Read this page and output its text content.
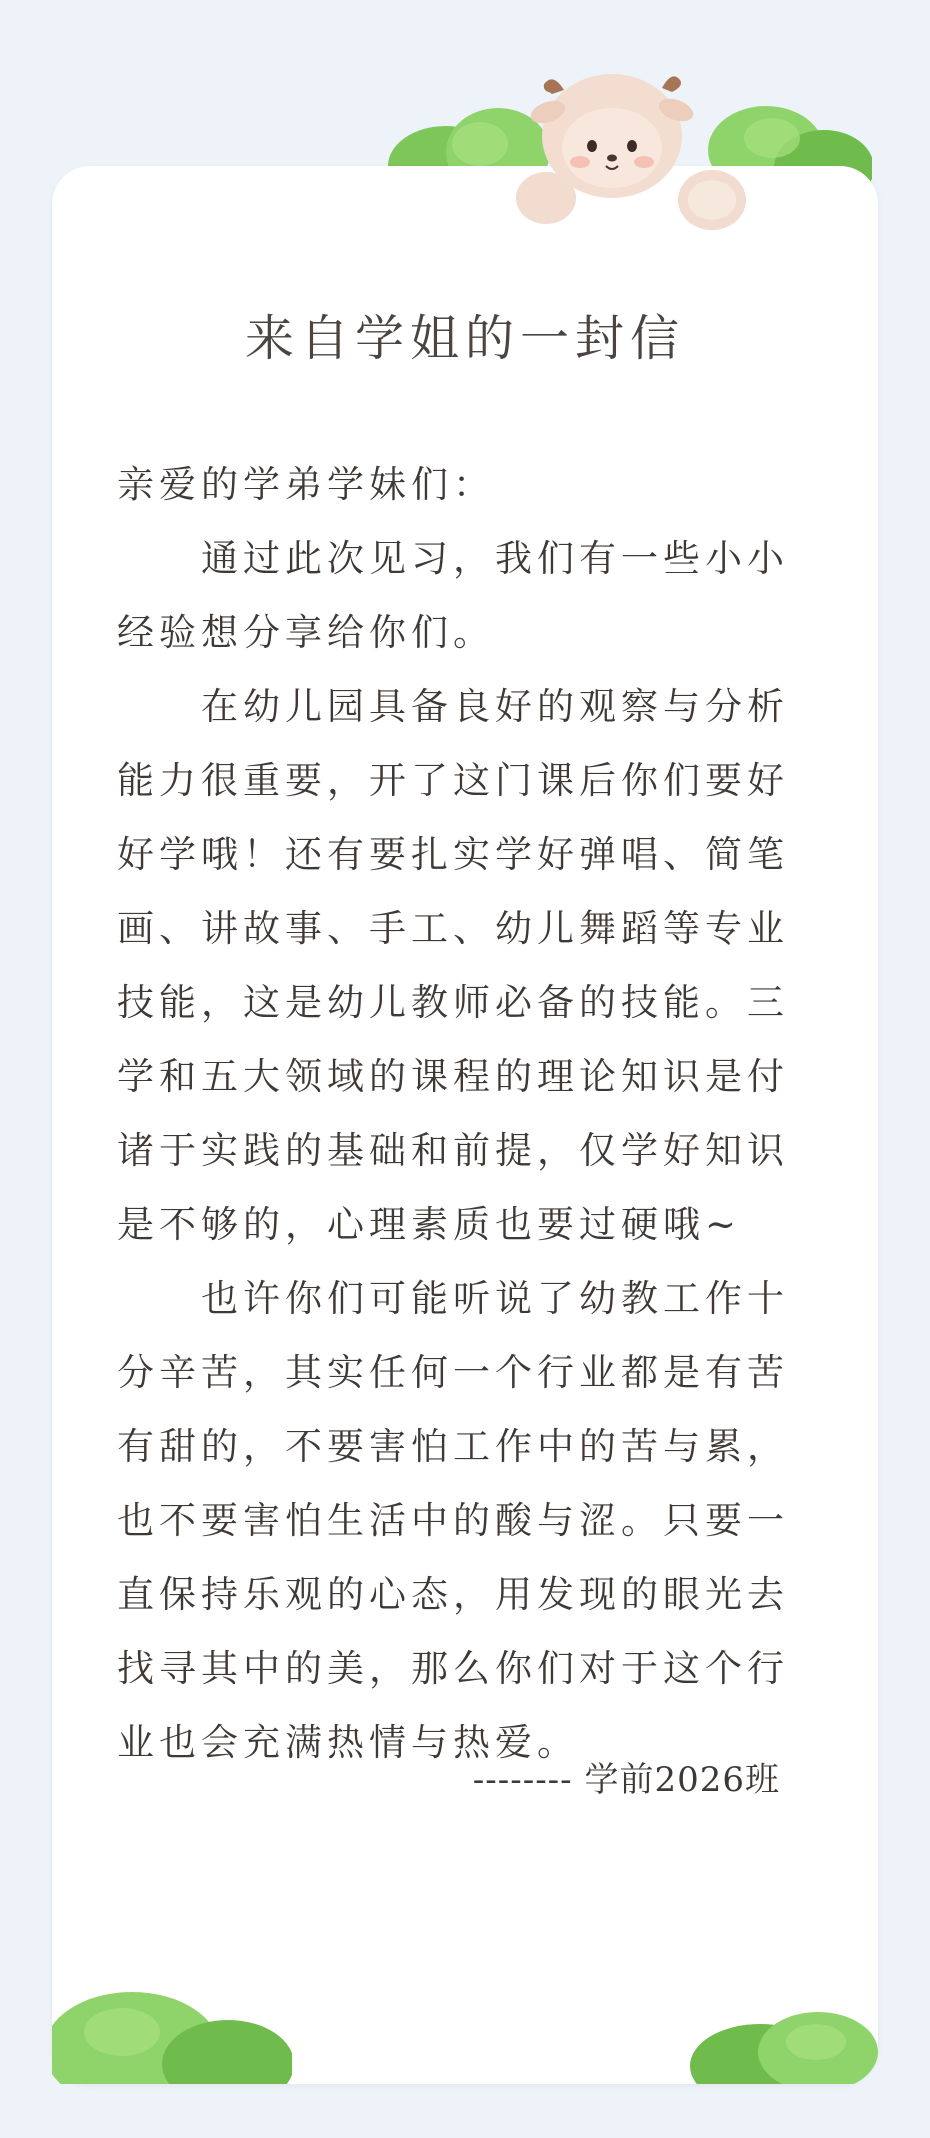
来自学姐的一封信

亲爱的学弟学妹们：

通过此次见习，我们有一些小小经验想分享给你们。

在幼儿园具备良好的观察与分析能力很重要，开了这门课后你们要好好学哦！还有要扎实学好弹唱、简笔画、讲故事、手工、幼儿舞蹈等专业技能，这是幼儿教师必备的技能。三学和五大领域的课程的理论知识是付诸于实践的基础和前提，仅学好知识是不够的，心理素质也要过硬哦~

也许你们可能听说了幼教工作十分辛苦，其实任何一个行业都是有苦有甜的，不要害怕工作中的苦与累，也不要害怕生活中的酸与涩。只要一直保持乐观的心态，用发现的眼光去找寻其中的美，那么你们对于这个行业也会充满热情与热爱。

-------- 学前2026班
